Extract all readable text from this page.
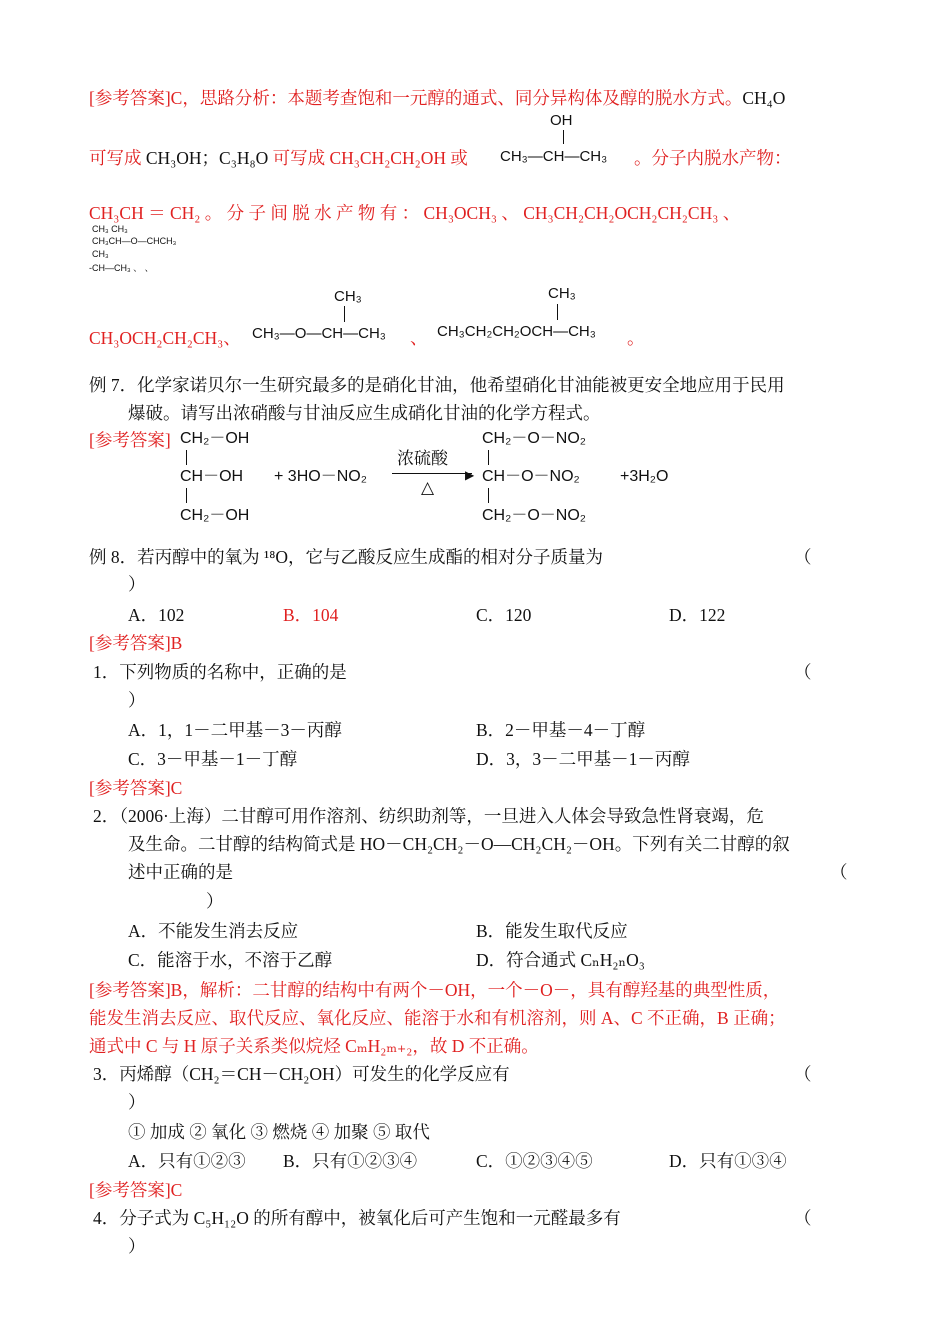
[参考答案]C，思路分析：本题考查饱和一元醇的通式、同分异构体及醇的脱水方式。CH₄O
OH
可写成 CH₃OH；C₃H₈O 可写成 CH₃CH₂CH₂OH 或 CH₃—CH—CH₃ 。分子内脱水产物：
CH₃CH ＝ CH₂ 。 分 子 间 脱 水 产 物 有 ： CH₃OCH₃ 、 CH₃CH₂CH₂OCH₂CH₂CH₃ 、
CH₃ CH₃
CH₃CH—O—CHCH₃
CH₃
-CH—CH₃ 、 、
CH₃	CH₃
CH₃OCH₂CH₂CH₃、 CH₃—O—CH—CH₃ 、 CH₃CH₂CH₂OCH—CH₃ 。
例 7．化学家诺贝尔一生研究最多的是硝化甘油，他希望硝化甘油能被更安全地应用于民用
爆破。请写出浓硝酸与甘油反应生成硝化甘油的化学方程式。
[参考答案] CH₂－OH
CH－OH
CH₂－OH
+ 3HO－NO₂
浓硫酸
▶
△
CH₂－O－NO₂
CH－O－NO₂
CH₂－O－NO₂
+3H₂O
例 8．若丙醇中的氧为 ¹⁸O，它与乙酸反应生成酯的相对分子质量为	（
）
A．102	B．104	C．120	D．122
[参考答案]B
1．下列物质的名称中，正确的是	（
）
A．1，1－二甲基－3－丙醇	B．2－甲基－4－丁醇
C．3－甲基－1－丁醇	D．3，3－二甲基－1－丙醇
[参考答案]C
2．（2006·上海）二甘醇可用作溶剂、纺织助剂等，一旦进入人体会导致急性肾衰竭，危
及生命。二甘醇的结构简式是 HO－CH₂CH₂－O—CH₂CH₂－OH。下列有关二甘醇的叙
述中正确的是	（
）
A．不能发生消去反应	B．能发生取代反应
C．能溶于水，不溶于乙醇	D．符合通式 CₙH₂ₙO₃
[参考答案]B，解析：二甘醇的结构中有两个－OH，一个－O－，具有醇羟基的典型性质，
能发生消去反应、取代反应、氧化反应、能溶于水和有机溶剂，则 A、C 不正确，B 正确；
通式中 C 与 H 原子关系类似烷烃 CₘH₂ₘ₊₂，故 D 不正确。
3．丙烯醇（CH₂＝CH－CH₂OH）可发生的化学反应有	（
）
① 加成 ② 氧化 ③ 燃烧 ④ 加聚 ⑤ 取代
A．只有①②③ B．只有①②③④	C．①②③④⑤	D．只有①③④
[参考答案]C
4．分子式为 C₅H₁₂O 的所有醇中，被氧化后可产生饱和一元醛最多有	（
）
